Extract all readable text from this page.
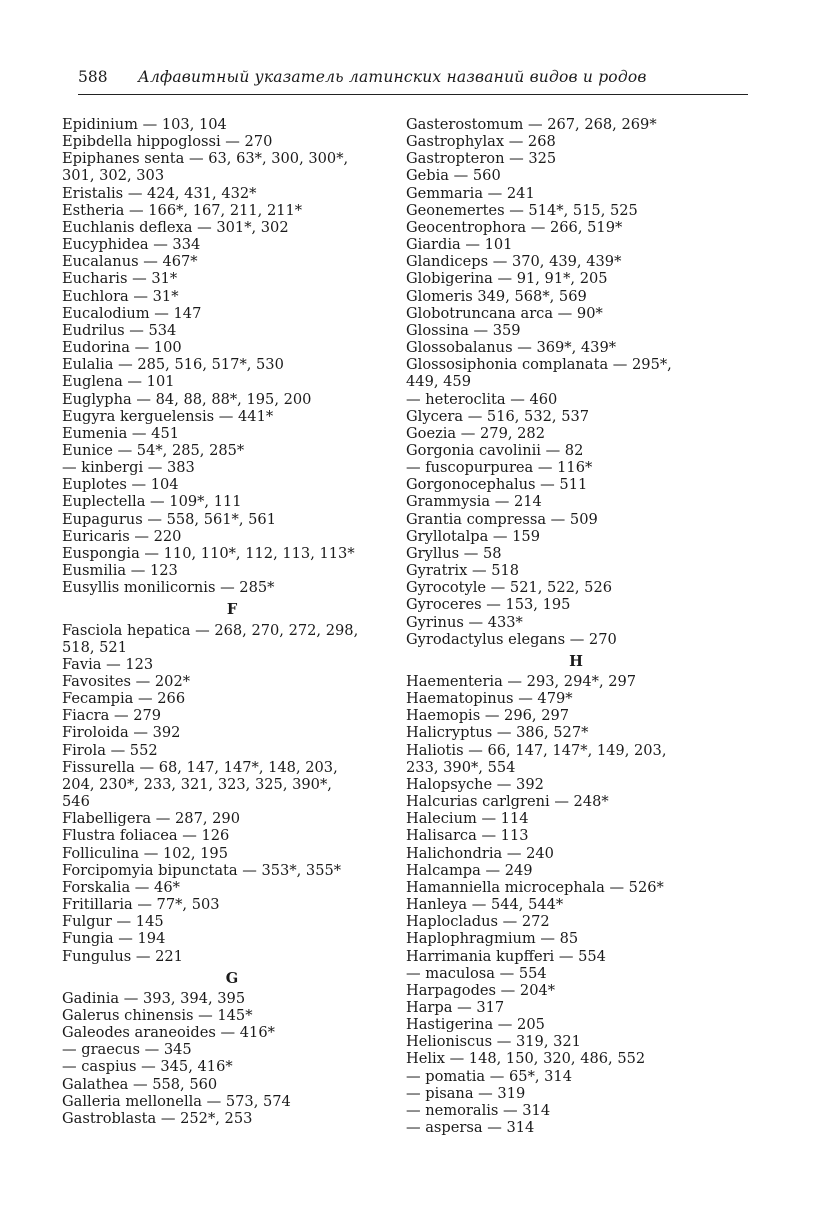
588 Алфавитный указатель латинских названий видов и родов
Epidinium — 103, 104
Epibdella hippoglossi — 270
Epiphanes senta — 63, 63*, 300, 300*,
301, 302, 303
Eristalis — 424, 431, 432*
Estheria — 166*, 167, 211, 211*
Euchlanis deflexa — 301*, 302
Eucyphidea — 334
Eucalanus — 467*
Eucharis — 31*
Euchlora — 31*
Eucalodium — 147
Eudrilus — 534
Eudorina — 100
Eulalia — 285, 516, 517*, 530
Euglena — 101
Euglypha — 84, 88, 88*, 195, 200
Eugyra kerguelensis — 441*
Eumenia — 451
Eunice — 54*, 285, 285*
— kinbergi — 383
Euplotes — 104
Euplectella — 109*, 111
Eupagurus — 558, 561*, 561
Euricaris — 220
Euspongia — 110, 110*, 112, 113, 113*
Eusmilia — 123
Eusyllis monilicornis — 285*
F
Fasciola hepatica — 268, 270, 272, 298,
518, 521
Favia — 123
Favosites — 202*
Fecampia — 266
Fiacra — 279
Firoloida — 392
Firola — 552
Fissurella — 68, 147, 147*, 148, 203,
204, 230*, 233, 321, 323, 325, 390*,
546
Flabelligera — 287, 290
Flustra foliacea — 126
Folliculina — 102, 195
Forcipomyia bipunctata — 353*, 355*
Forskalia — 46*
Fritillaria — 77*, 503
Fulgur — 145
Fungia — 194
Fungulus — 221
G
Gadinia — 393, 394, 395
Galerus chinensis — 145*
Galeodes araneoides — 416*
— graecus — 345
— caspius — 345, 416*
Galathea — 558, 560
Galleria mellonella — 573, 574
Gastroblasta — 252*, 253
Gasterostomum — 267, 268, 269*
Gastrophylax — 268
Gastropteron — 325
Gebia — 560
Gemmaria — 241
Geonemertes — 514*, 515, 525
Geocentrophora — 266, 519*
Giardia — 101
Glandiceps — 370, 439, 439*
Globigerina — 91, 91*, 205
Glomeris 349, 568*, 569
Globotruncana arca — 90*
Glossina — 359
Glossobalanus — 369*, 439*
Glossosiphonia complanata — 295*,
449, 459
— heteroclita — 460
Glycera — 516, 532, 537
Goezia — 279, 282
Gorgonia cavolinii — 82
— fuscopurpurea — 116*
Gorgonocephalus — 511
Grammysia — 214
Grantia compressa — 509
Gryllotalpa — 159
Gryllus — 58
Gyratrix — 518
Gyrocotyle — 521, 522, 526
Gyroceres — 153, 195
Gyrinus — 433*
Gyrodactylus elegans — 270
H
Haementeria — 293, 294*, 297
Haematopinus — 479*
Haemopis — 296, 297
Halicryptus — 386, 527*
Haliotis — 66, 147, 147*, 149, 203,
233, 390*, 554
Halopsyche — 392
Halcurias carlgreni — 248*
Halecium — 114
Halisarca — 113
Halichondria — 240
Halcampa — 249
Hamanniella microcephala — 526*
Hanleya — 544, 544*
Haplocladus — 272
Haplophragmium — 85
Harrimania kupfferi — 554
— maculosa — 554
Harpagodes — 204*
Harpa — 317
Hastigerina — 205
Helioniscus — 319, 321
Helix — 148, 150, 320, 486, 552
— pomatia — 65*, 314
— pisana — 319
— nemoralis — 314
— aspersa — 314
